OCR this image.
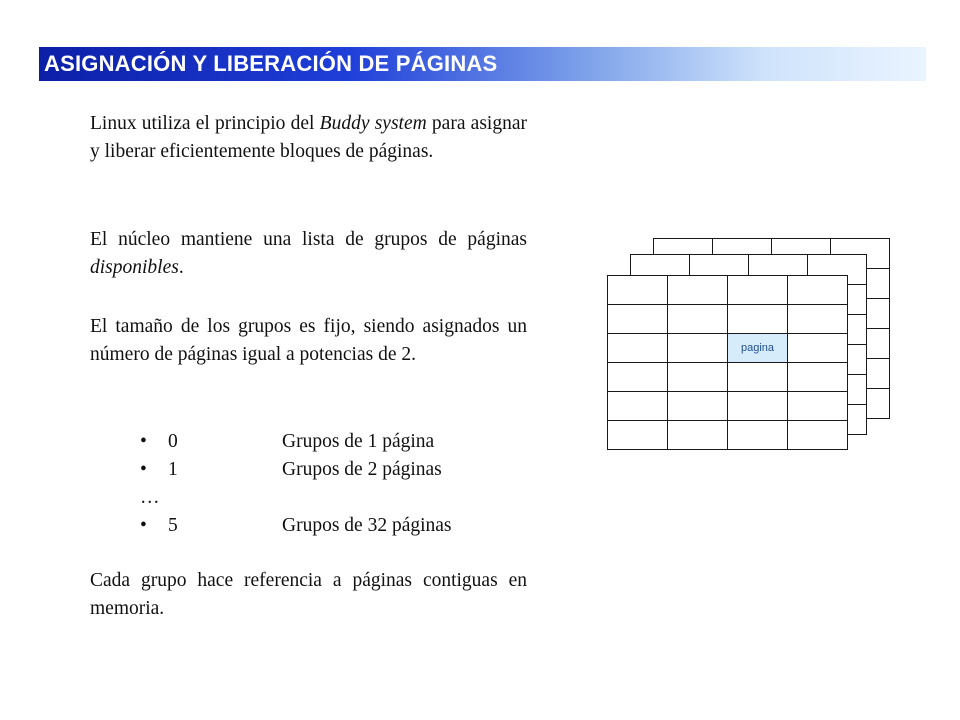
ASIGNACIÓN Y LIBERACIÓN DE PÁGINAS
Linux utiliza el principio del Buddy system para asignar y liberar eficientemente bloques de páginas.
El núcleo mantiene una lista de grupos de páginas disponibles.
El tamaño de los grupos es fijo, siendo asignados un número de páginas igual a potencias de 2.
•	0	Grupos de 1 página
•	1	Grupos de 2 páginas
…
•	5	Grupos de 32 páginas
Cada grupo hace referencia a páginas contiguas en memoria.

		pagina	
